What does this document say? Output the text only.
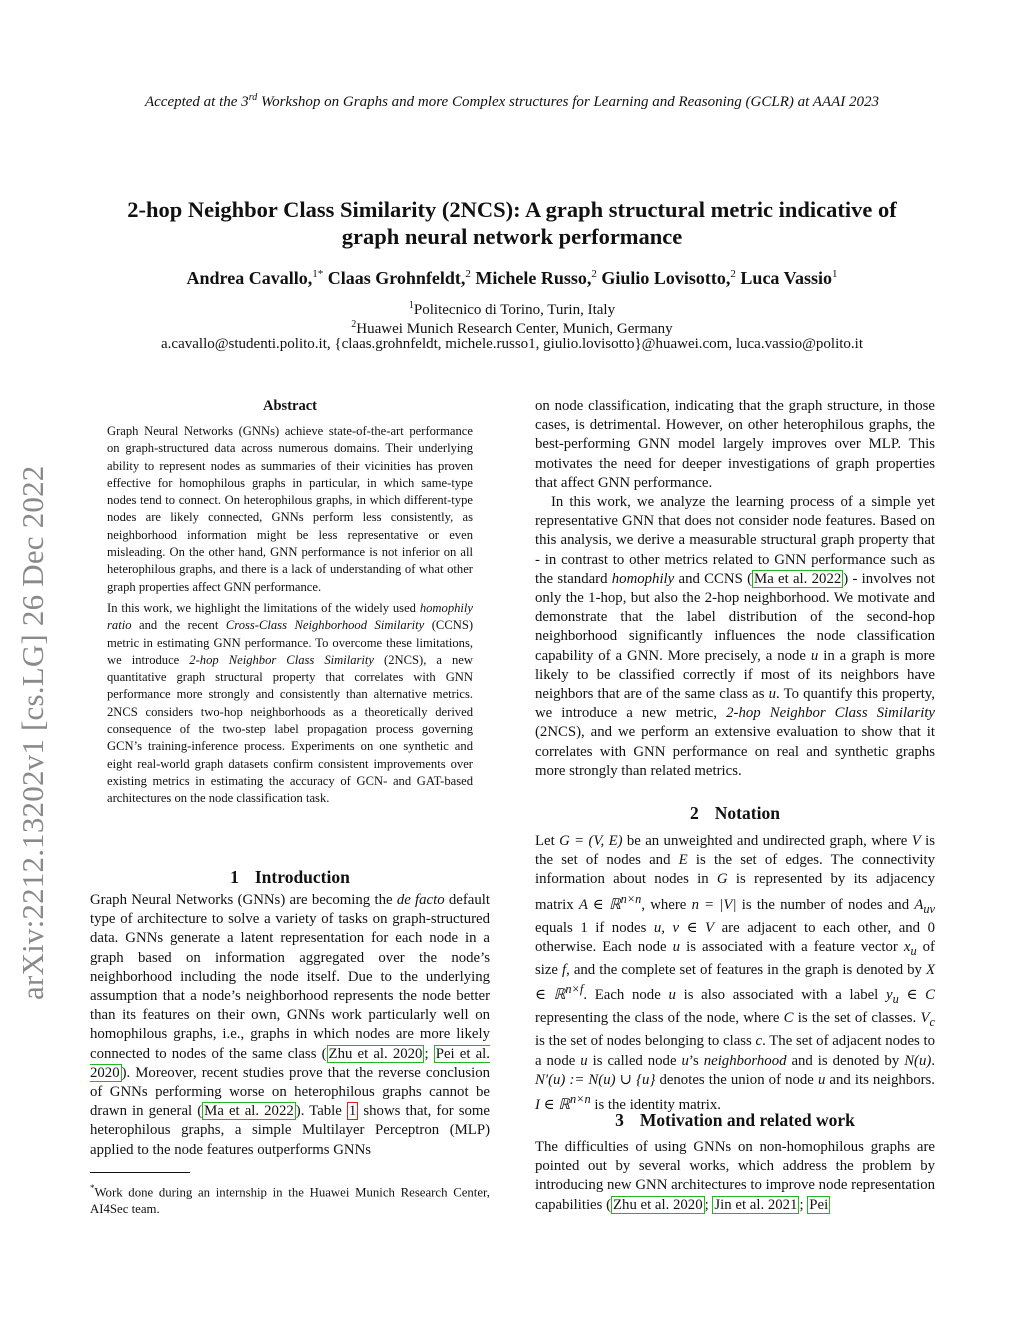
Accepted at the 3rd Workshop on Graphs and more Complex structures for Learning and Reasoning (GCLR) at AAAI 2023
arXiv:2212.13202v1 [cs.LG] 26 Dec 2022
2-hop Neighbor Class Similarity (2NCS): A graph structural metric indicative of
graph neural network performance
Andrea Cavallo,$^{1*}$ Claas Grohnfeldt,$^2$ Michele Russo,$^2$ Giulio Lovisotto,$^2$ Luca Vassio$^1$
$^1$Politecnico di Torino, Turin, Italy
$^2$Huawei Munich Research Center, Munich, Germany
a.cavallo@studenti.polito.it, {claas.grohnfeldt, michele.russo1, giulio.lovisotto}@huawei.com, luca.vassio@polito.it
Abstract

Graph Neural Networks (GNNs) achieve state-of-the-art performance on graph-structured data across numerous domains. Their underlying ability to represent nodes as summaries of their vicinities has proven effective for homophilous graphs in particular, in which same-type nodes tend to connect. On heterophilous graphs, in which different-type nodes are likely connected, GNNs perform less consistently, as neighborhood information might be less representative or even misleading. On the other hand, GNN performance is not inferior on all heterophilous graphs, and there is a lack of understanding of what other graph properties affect GNN performance.

In this work, we highlight the limitations of the widely used homophily ratio and the recent Cross-Class Neighborhood Similarity (CCNS) metric in estimating GNN performance. To overcome these limitations, we introduce 2-hop Neighbor Class Similarity (2NCS), a new quantitative graph structural property that correlates with GNN performance more strongly and consistently than alternative metrics. 2NCS considers two-hop neighborhoods as a theoretically derived consequence of the two-step label propagation process governing GCN’s training-inference process. Experiments on one synthetic and eight real-world graph datasets confirm consistent improvements over existing metrics in estimating the accuracy of GCN- and GAT-based architectures on the node classification task.

1 Introduction

Graph Neural Networks (GNNs) are becoming the de facto default type of architecture to solve a variety of tasks on graph-structured data. GNNs generate a latent representation for each node in a graph based on information aggregated over the node’s neighborhood including the node itself. Due to the underlying assumption that a node’s neighborhood represents the node better than its features on their own, GNNs work particularly well on homophilous graphs, i.e., graphs in which nodes are more likely connected to nodes of the same class ( Zhu et al. 2020 ; Pei et al. 2020 ). Moreover, recent studies prove that the reverse conclusion of GNNs performing worse on heterophilous graphs cannot be drawn in general ( Ma et al. 2022 ). Table 1 shows that, for some heterophilous graphs, a simple Multilayer Perceptron (MLP) applied to the node features outperforms GNNs

*Work done during an internship in the Huawei Munich Research Center, AI4Sec team.

on node classification, indicating that the graph structure, in those cases, is detrimental. However, on other heterophilous graphs, the best-performing GNN model largely improves over MLP. This motivates the need for deeper investigations of graph properties that affect GNN performance.

In this work, we analyze the learning process of a simple yet representative GNN that does not consider node features. Based on this analysis, we derive a measurable structural graph property that - in contrast to other metrics related to GNN performance such as the standard homophily and CCNS ( Ma et al. 2022 ) - involves not only the 1-hop, but also the 2-hop neighborhood. We motivate and demonstrate that the label distribution of the second-hop neighborhood significantly influences the node classification capability of a GNN. More precisely, a node u in a graph is more likely to be classified correctly if most of its neighbors have neighbors that are of the same class as u. To quantify this property, we introduce a new metric, 2-hop Neighbor Class Similarity (2NCS), and we perform an extensive evaluation to show that it correlates with GNN performance on real and synthetic graphs more strongly than related metrics.

2 Notation

Let G = (V, E) be an unweighted and undirected graph, where V is the set of nodes and E is the set of edges. The connectivity information about nodes in G is represented by its adjacency matrix A ∈ ℝ$^{n\times n}$, where n = |V| is the number of nodes and $A_{uv}$ equals 1 if nodes u, v ∈ V are adjacent to each other, and 0 otherwise. Each node u is associated with a feature vector $x_u$ of size f, and the complete set of features in the graph is denoted by X ∈ ℝ$^{n\times f}$. Each node u is also associated with a label $y_u$ ∈ C representing the class of the node, where C is the set of classes. $V_c$ is the set of nodes belonging to class c. The set of adjacent nodes to a node u is called node u’s neighborhood and is denoted by N(u). N′(u) := N(u) ∪ {u} denotes the union of node u and its neighbors. I ∈ ℝ$^{n\times n}$ is the identity matrix.

3 Motivation and related work

The difficulties of using GNNs on non-homophilous graphs are pointed out by several works, which address the problem by introducing new GNN architectures to improve node representation capabilities ( Zhu et al. 2020 ; Jin et al. 2021 ; Pei
